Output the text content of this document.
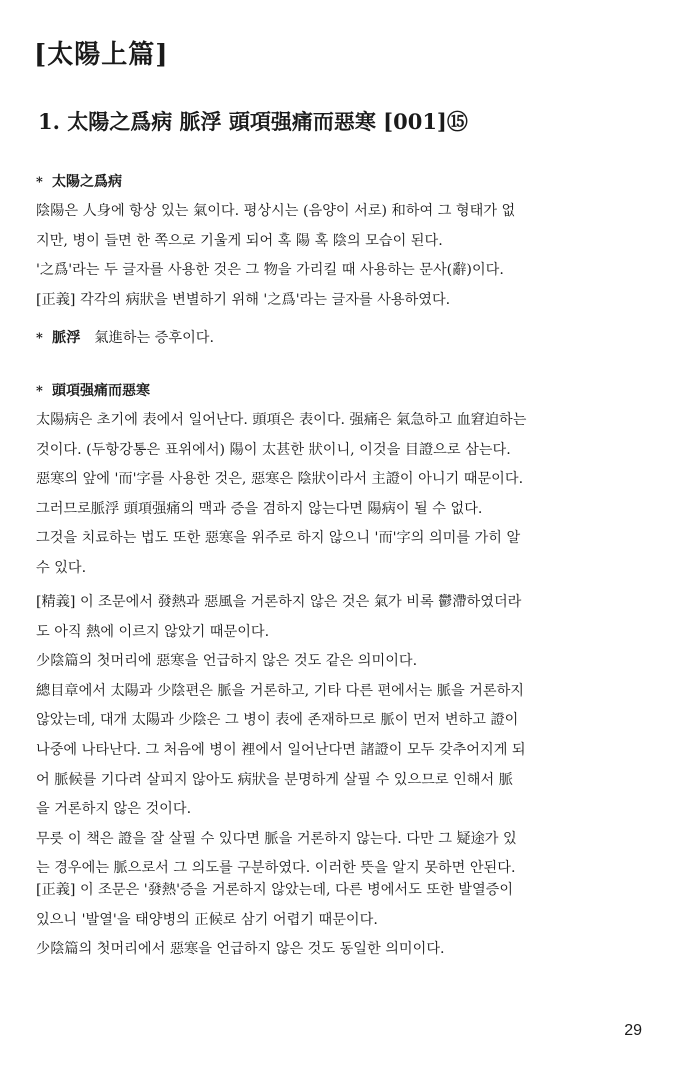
[太陽上篇]
1. 太陽之爲病 脈浮 頭項强痛而惡寒 [001]⑮
* 太陽之爲病
陰陽은 人身에 항상 있는 氣이다. 평상시는 (음양이 서로) 和하여 그 형태가 없
지만, 병이 들면 한 쪽으로 기울게 되어 혹 陽 혹 陰의 모습이 된다.
'之爲'라는 두 글자를 사용한 것은 그 物을 가리킬 때 사용하는 문사(辭)이다.
[正義] 각각의 病狀을 변별하기 위해 '之爲'라는 글자를 사용하였다.
* 脈浮 氣進하는 증후이다.
* 頭項强痛而惡寒
太陽病은 초기에 表에서 일어난다. 頭項은 表이다. 强痛은 氣急하고 血窘迫하는
것이다. (두항강통은 표위에서) 陽이 太甚한 狀이니, 이것을 目證으로 삼는다.
惡寒의 앞에 '而'字를 사용한 것은, 惡寒은 陰狀이라서 主證이 아니기 때문이다.
그러므로脈浮 頭項强痛의 맥과 증을 겸하지 않는다면 陽病이 될 수 없다.
그것을 치료하는 법도 또한 惡寒을 위주로 하지 않으니 '而'字의 의미를 가히 알
수 있다.
[精義] 이 조문에서 發熱과 惡風을 거론하지 않은 것은 氣가 비록 鬱滯하였더라
도 아직 熱에 이르지 않았기 때문이다.
少陰篇의 첫머리에 惡寒을 언급하지 않은 것도 같은 의미이다.
總目章에서 太陽과 少陰편은 脈을 거론하고, 기타 다른 편에서는 脈을 거론하지
않았는데, 대개 太陽과 少陰은 그 병이 表에 존재하므로 脈이 먼저 변하고 證이
나중에 나타난다. 그 처음에 병이 裡에서 일어난다면 諸證이 모두 갖추어지게 되
어 脈候를 기다려 살피지 않아도 病狀을 분명하게 살필 수 있으므로 인해서 脈
을 거론하지 않은 것이다.
무릇 이 책은 證을 잘 살필 수 있다면 脈을 거론하지 않는다. 다만 그 疑途가 있
는 경우에는 脈으로서 그 의도를 구분하였다. 이러한 뜻을 알지 못하면 안된다.
[正義] 이 조문은 '發熱'증을 거론하지 않았는데, 다른 병에서도 또한 발열증이
있으니 '발열'을 태양병의 正候로 삼기 어렵기 때문이다.
少陰篇의 첫머리에서 惡寒을 언급하지 않은 것도 동일한 의미이다.
29
